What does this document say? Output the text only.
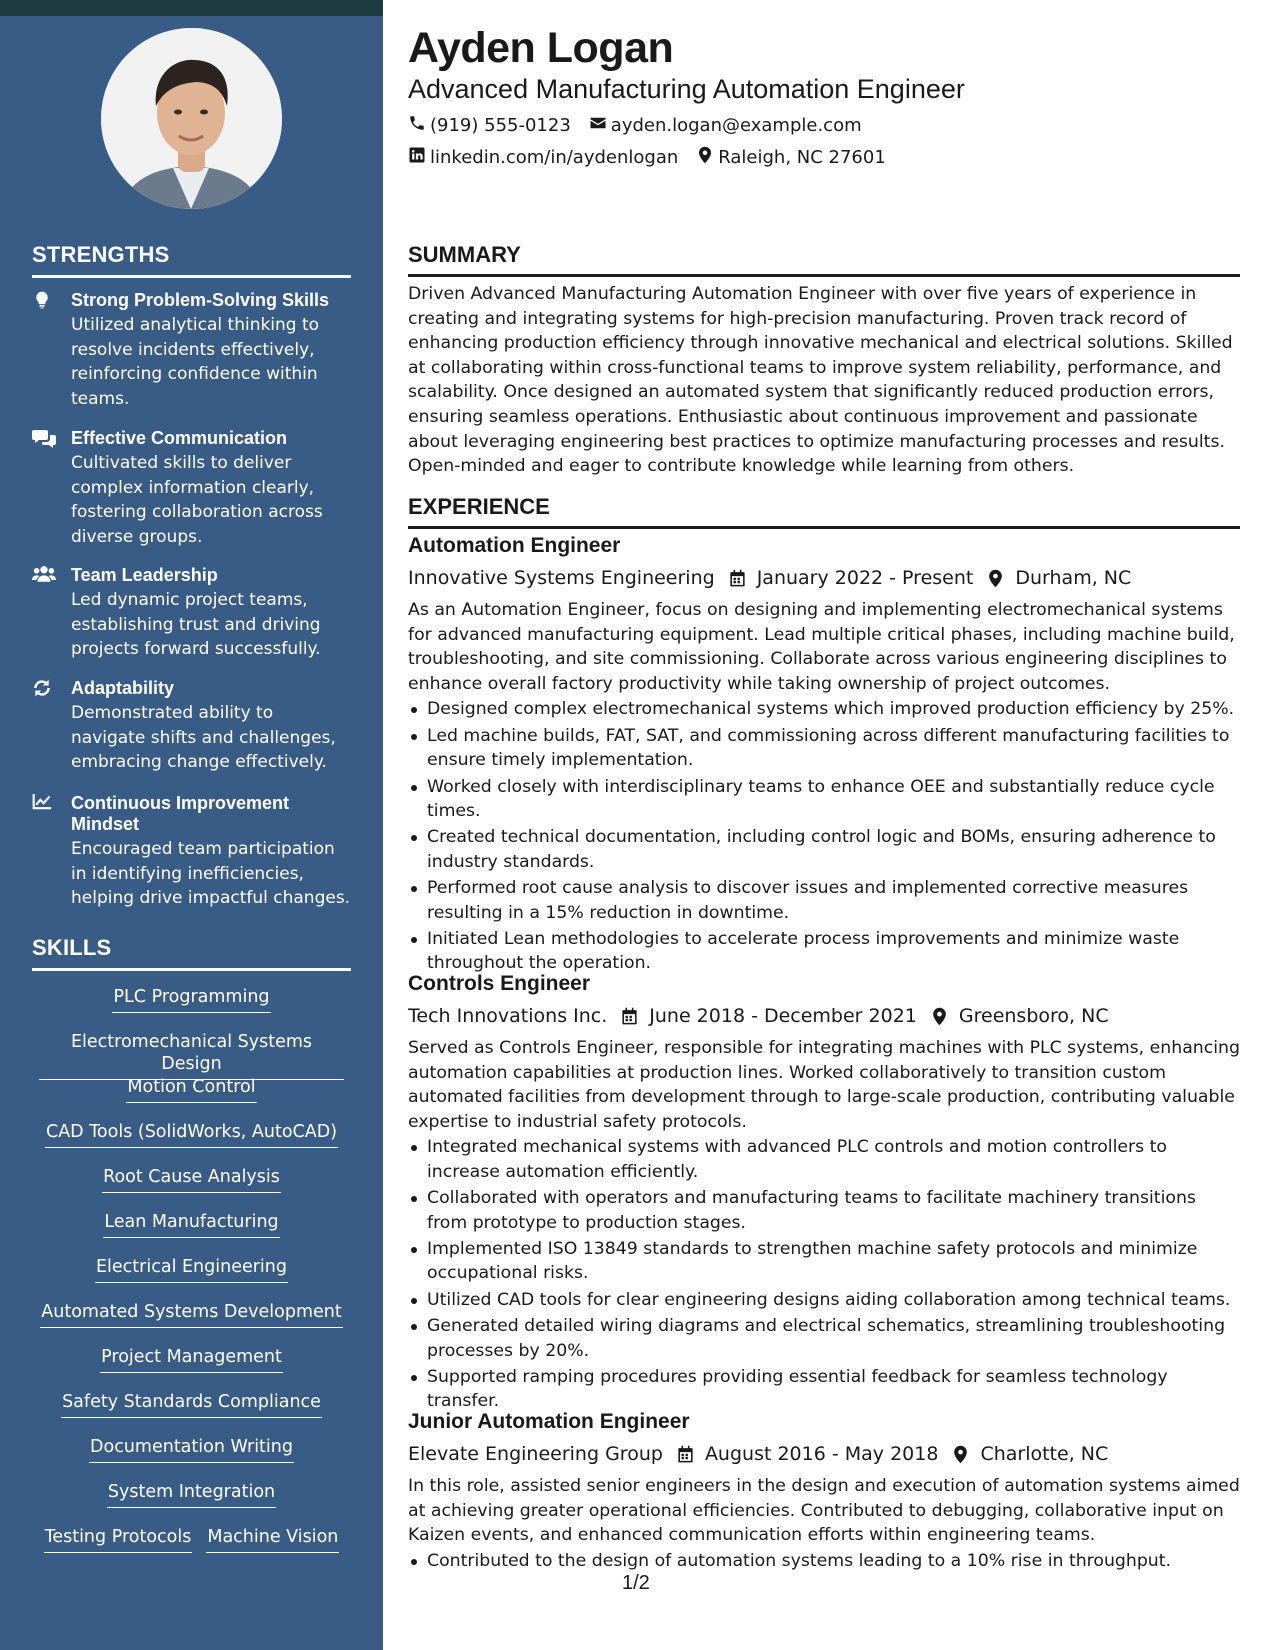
STRENGTHS
Strong Problem-Solving Skills
Utilized analytical thinking to resolve incidents effectively, reinforcing confidence within teams.
Effective Communication
Cultivated skills to deliver complex information clearly, fostering collaboration across diverse groups.
Team Leadership
Led dynamic project teams, establishing trust and driving projects forward successfully.
Adaptability
Demonstrated ability to navigate shifts and challenges, embracing change effectively.
Continuous Improvement Mindset
Encouraged team participation in identifying inefficiencies, helping drive impactful changes.
SKILLS
PLC Programming
Electromechanical Systems Design
Motion Control
CAD Tools (SolidWorks, AutoCAD)
Root Cause Analysis
Lean Manufacturing
Electrical Engineering
Automated Systems Development
Project Management
Safety Standards Compliance
Documentation Writing
System Integration
Testing Protocols Machine Vision
Ayden Logan
Advanced Manufacturing Automation Engineer
(919) 555-0123 ayden.logan@example.com
linkedin.com/in/aydenlogan Raleigh, NC 27601
SUMMARY
Driven Advanced Manufacturing Automation Engineer with over five years of experience in creating and integrating systems for high-precision manufacturing. Proven track record of enhancing production efficiency through innovative mechanical and electrical solutions. Skilled at collaborating within cross-functional teams to improve system reliability, performance, and scalability. Once designed an automated system that significantly reduced production errors, ensuring seamless operations. Enthusiastic about continuous improvement and passionate about leveraging engineering best practices to optimize manufacturing processes and results. Open-minded and eager to contribute knowledge while learning from others.
EXPERIENCE
Automation Engineer
Innovative Systems Engineering January 2022 - Present Durham, NC
As an Automation Engineer, focus on designing and implementing electromechanical systems for advanced manufacturing equipment. Lead multiple critical phases, including machine build, troubleshooting, and site commissioning. Collaborate across various engineering disciplines to enhance overall factory productivity while taking ownership of project outcomes.
Designed complex electromechanical systems which improved production efficiency by 25%.
Led machine builds, FAT, SAT, and commissioning across different manufacturing facilities to ensure timely implementation.
Worked closely with interdisciplinary teams to enhance OEE and substantially reduce cycle times.
Created technical documentation, including control logic and BOMs, ensuring adherence to industry standards.
Performed root cause analysis to discover issues and implemented corrective measures resulting in a 15% reduction in downtime.
Initiated Lean methodologies to accelerate process improvements and minimize waste throughout the operation.
Controls Engineer
Tech Innovations Inc. June 2018 - December 2021 Greensboro, NC
Served as Controls Engineer, responsible for integrating machines with PLC systems, enhancing automation capabilities at production lines. Worked collaboratively to transition custom automated facilities from development through to large-scale production, contributing valuable expertise to industrial safety protocols.
Integrated mechanical systems with advanced PLC controls and motion controllers to increase automation efficiently.
Collaborated with operators and manufacturing teams to facilitate machinery transitions from prototype to production stages.
Implemented ISO 13849 standards to strengthen machine safety protocols and minimize occupational risks.
Utilized CAD tools for clear engineering designs aiding collaboration among technical teams.
Generated detailed wiring diagrams and electrical schematics, streamlining troubleshooting processes by 20%.
Supported ramping procedures providing essential feedback for seamless technology transfer.
Junior Automation Engineer
Elevate Engineering Group August 2016 - May 2018 Charlotte, NC
In this role, assisted senior engineers in the design and execution of automation systems aimed at achieving greater operational efficiencies. Contributed to debugging, collaborative input on Kaizen events, and enhanced communication efforts within engineering teams.
Contributed to the design of automation systems leading to a 10% rise in throughput.
1/2
